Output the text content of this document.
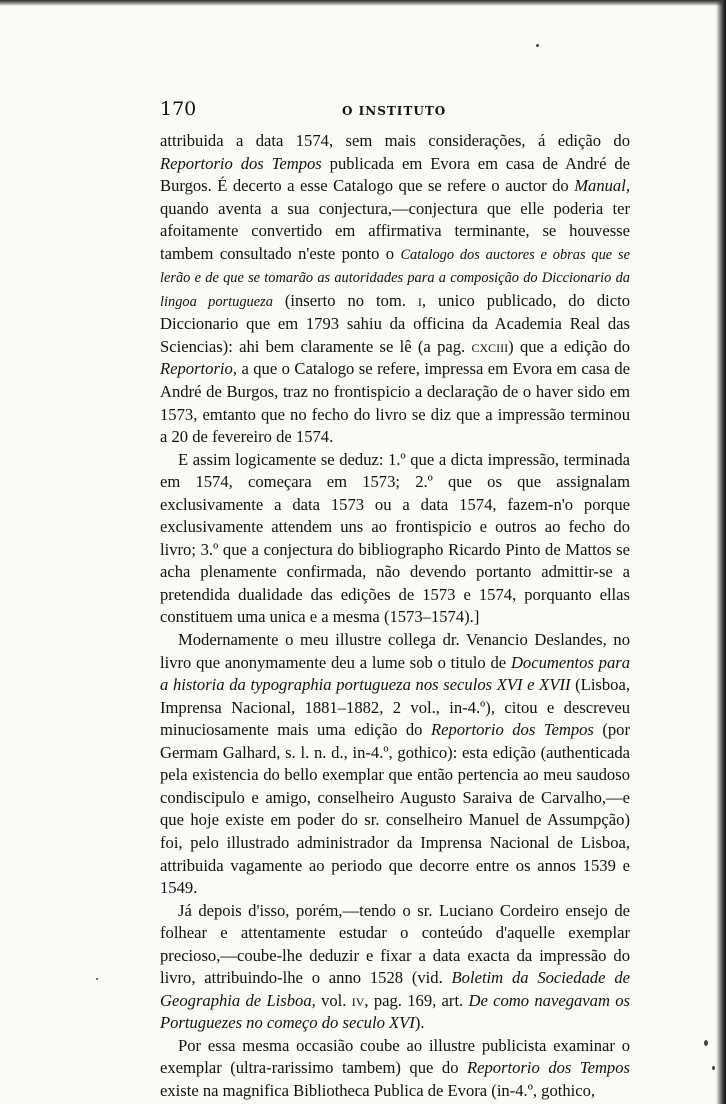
170	O INSTITUTO

attribuida a data 1574, sem mais considerações, á edição do Reportorio dos Tempos publicada em Evora em casa de André de Burgos. É decerto a esse Catalogo que se refere o auctor do Manual, quando aventa a sua conjectura,—conjectura que elle poderia ter afoitamente convertido em affirmativa terminante, se houvesse tambem consultado n'este ponto o Catalogo dos auctores e obras que se lerão e de que se tomarão as autoridades para a composição do Diccionario da lingoa portugueza (inserto no tom. i, unico publicado, do dicto Diccionario que em 1793 sahiu da officina da Academia Real das Sciencias): ahi bem claramente se lê (a pag. cxciii) que a edição do Reportorio, a que o Catalogo se refere, impressa em Evora em casa de André de Burgos, traz no frontispicio a declaração de o haver sido em 1573, emtanto que no fecho do livro se diz que a impressão terminou a 20 de fevereiro de 1574.

E assim logicamente se deduz: 1.º que a dicta impressão, terminada em 1574, começara em 1573; 2.º que os que assignalam exclusivamente a data 1573 ou a data 1574, fazem-n'o porque exclusivamente attendem uns ao frontispicio e outros ao fecho do livro; 3.º que a conjectura do bibliographo Ricardo Pinto de Mattos se acha plenamente confirmada, não devendo portanto admittir-se a pretendida dualidade das edições de 1573 e 1574, porquanto ellas constituem uma unica e a mesma (1573–1574).]

Modernamente o meu illustre collega dr. Venancio Deslandes, no livro que anonymamente deu a lume sob o titulo de Documentos para a historia da typographia portugueza nos seculos XVI e XVII (Lisboa, Imprensa Nacional, 1881–1882, 2 vol., in-4.º), citou e descreveu minuciosamente mais uma edição do Reportorio dos Tempos (por Germam Galhard, s. l. n. d., in-4.º, gothico): esta edição (authenticada pela existencia do bello exemplar que então pertencia ao meu saudoso condiscipulo e amigo, conselheiro Augusto Saraiva de Carvalho,—e que hoje existe em poder do sr. conselheiro Manuel de Assumpção) foi, pelo illustrado administrador da Imprensa Nacional de Lisboa, attribuida vagamente ao periodo que decorre entre os annos 1539 e 1549.

Já depois d'isso, porém,—tendo o sr. Luciano Cordeiro ensejo de folhear e attentamente estudar o conteúdo d'aquelle exemplar precioso,—coube-lhe deduzir e fixar a data exacta da impressão do livro, attribuindo-lhe o anno 1528 (vid. Boletim da Sociedade de Geographia de Lisboa, vol. iv, pag. 169, art. De como navegavam os Portuguezes no começo do seculo XVI).

Por essa mesma occasião coube ao illustre publicista examinar o exemplar (ultra-rarissimo tambem) que do Reportorio dos Tempos existe na magnifica Bibliotheca Publica de Evora (in-4.º, gothico,
